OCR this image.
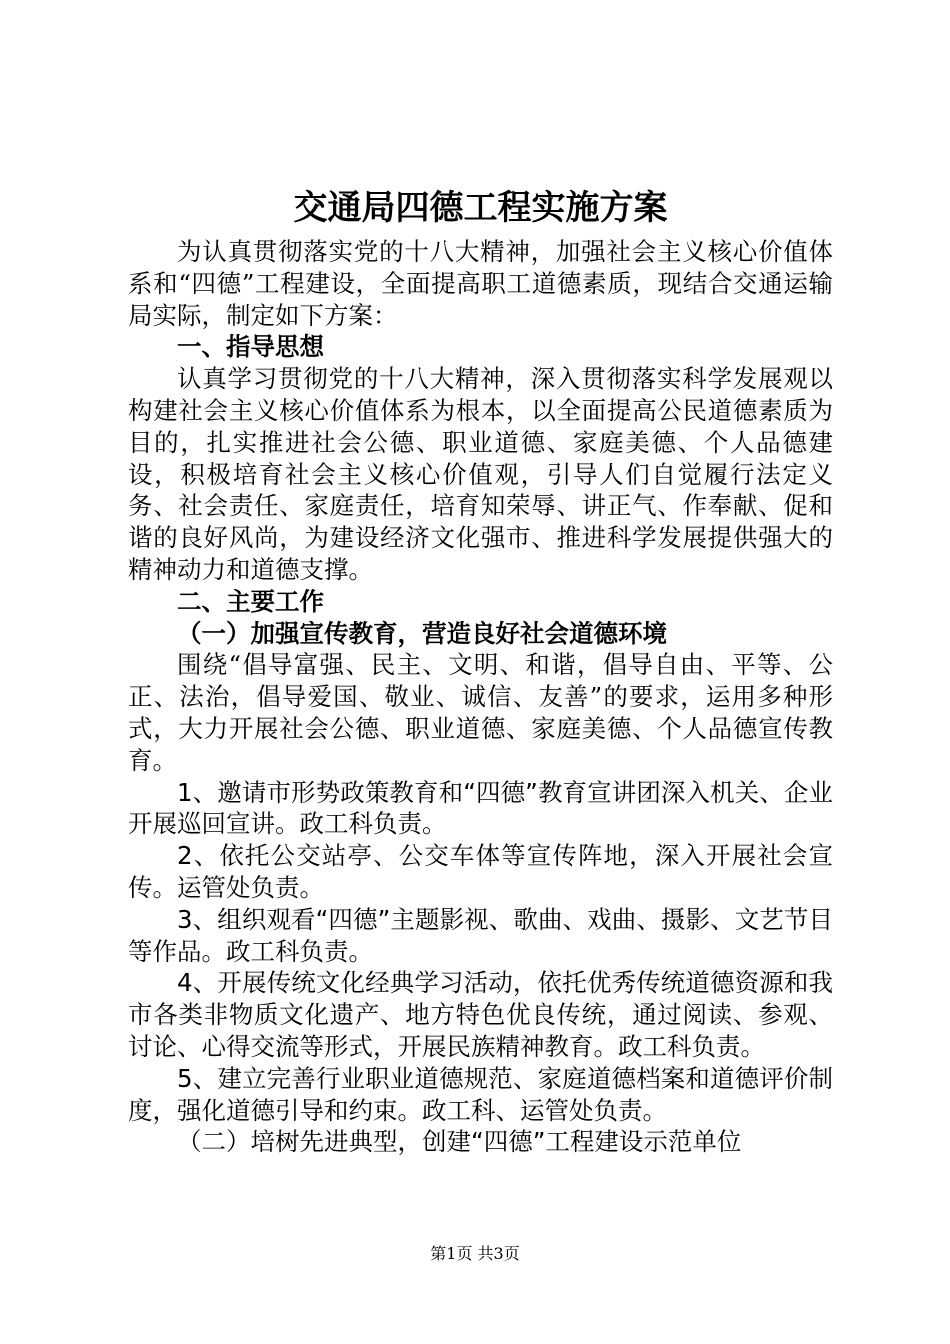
交通局四德工程实施方案

为认真贯彻落实党的十八大精神，加强社会主义核心价值体系和“四德”工程建设，全面提高职工道德素质，现结合交通运输局实际，制定如下方案：

一、指导思想

认真学习贯彻党的十八大精神，深入贯彻落实科学发展观以构建社会主义核心价值体系为根本，以全面提高公民道德素质为目的，扎实推进社会公德、职业道德、家庭美德、个人品德建设，积极培育社会主义核心价值观，引导人们自觉履行法定义务、社会责任、家庭责任，培育知荣辱、讲正气、作奉献、促和谐的良好风尚，为建设经济文化强市、推进科学发展提供强大的精神动力和道德支撑。

二、主要工作

（一）加强宣传教育，营造良好社会道德环境

围绕“倡导富强、民主、文明、和谐，倡导自由、平等、公正、法治，倡导爱国、敬业、诚信、友善”的要求，运用多种形式，大力开展社会公德、职业道德、家庭美德、个人品德宣传教育。

1、邀请市形势政策教育和“四德”教育宣讲团深入机关、企业开展巡回宣讲。政工科负责。

2、依托公交站亭、公交车体等宣传阵地，深入开展社会宣传。运管处负责。

3、组织观看“四德”主题影视、歌曲、戏曲、摄影、文艺节目等作品。政工科负责。

4、开展传统文化经典学习活动，依托优秀传统道德资源和我市各类非物质文化遗产、地方特色优良传统，通过阅读、参观、讨论、心得交流等形式，开展民族精神教育。政工科负责。

5、建立完善行业职业道德规范、家庭道德档案和道德评价制度，强化道德引导和约束。政工科、运管处负责。

（二）培树先进典型，创建“四德”工程建设示范单位

第1页 共3页
